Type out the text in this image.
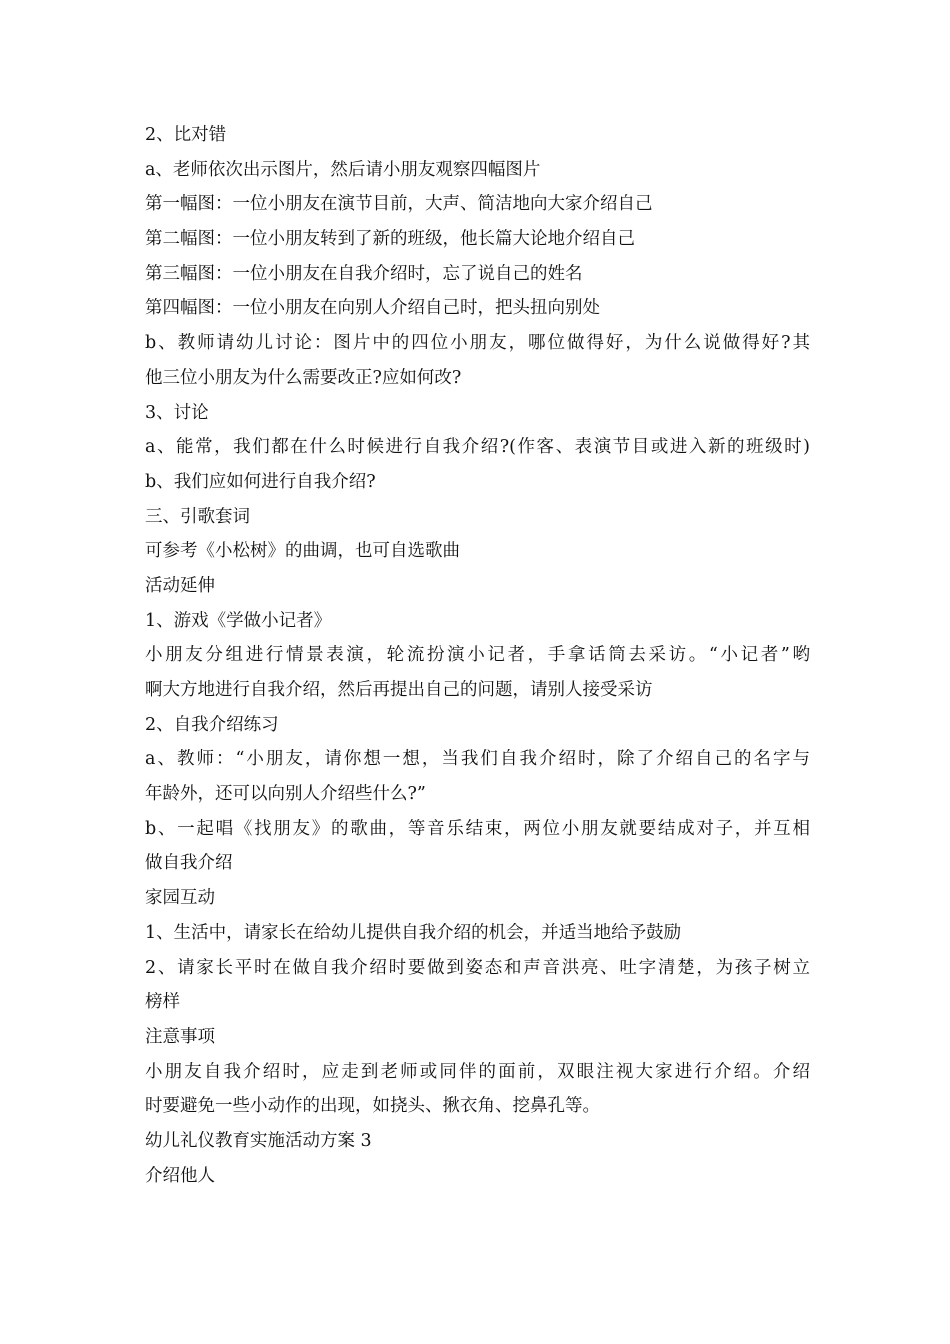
2、比对错
a、老师依次出示图片，然后请小朋友观察四幅图片
第一幅图：一位小朋友在演节目前，大声、简洁地向大家介绍自己
第二幅图：一位小朋友转到了新的班级，他长篇大论地介绍自己
第三幅图：一位小朋友在自我介绍时，忘了说自己的姓名
第四幅图：一位小朋友在向别人介绍自己时，把头扭向别处
b、教师请幼儿讨论：图片中的四位小朋友，哪位做得好，为什么说做得好?其
他三位小朋友为什么需要改正?应如何改?
3、讨论
a、能常，我们都在什么时候进行自我介绍?(作客、表演节目或进入新的班级时)
b、我们应如何进行自我介绍?
三、引歌套词
可参考《小松树》的曲调，也可自选歌曲
活动延伸
1、游戏《学做小记者》
小朋友分组进行情景表演，轮流扮演小记者，手拿话筒去采访。“小记者”哟
啊大方地进行自我介绍，然后再提出自己的问题，请别人接受采访
2、自我介绍练习
a、教师：“小朋友，请你想一想，当我们自我介绍时，除了介绍自己的名字与
年龄外，还可以向别人介绍些什么?”
b、一起唱《找朋友》的歌曲，等音乐结束，两位小朋友就要结成对子，并互相
做自我介绍
家园互动
1、生活中，请家长在给幼儿提供自我介绍的机会，并适当地给予鼓励
2、请家长平时在做自我介绍时要做到姿态和声音洪亮、吐字清楚，为孩子树立
榜样
注意事项
小朋友自我介绍时，应走到老师或同伴的面前，双眼注视大家进行介绍。介绍
时要避免一些小动作的出现，如挠头、揪衣角、挖鼻孔等。
幼儿礼仪教育实施活动方案 3
介绍他人
